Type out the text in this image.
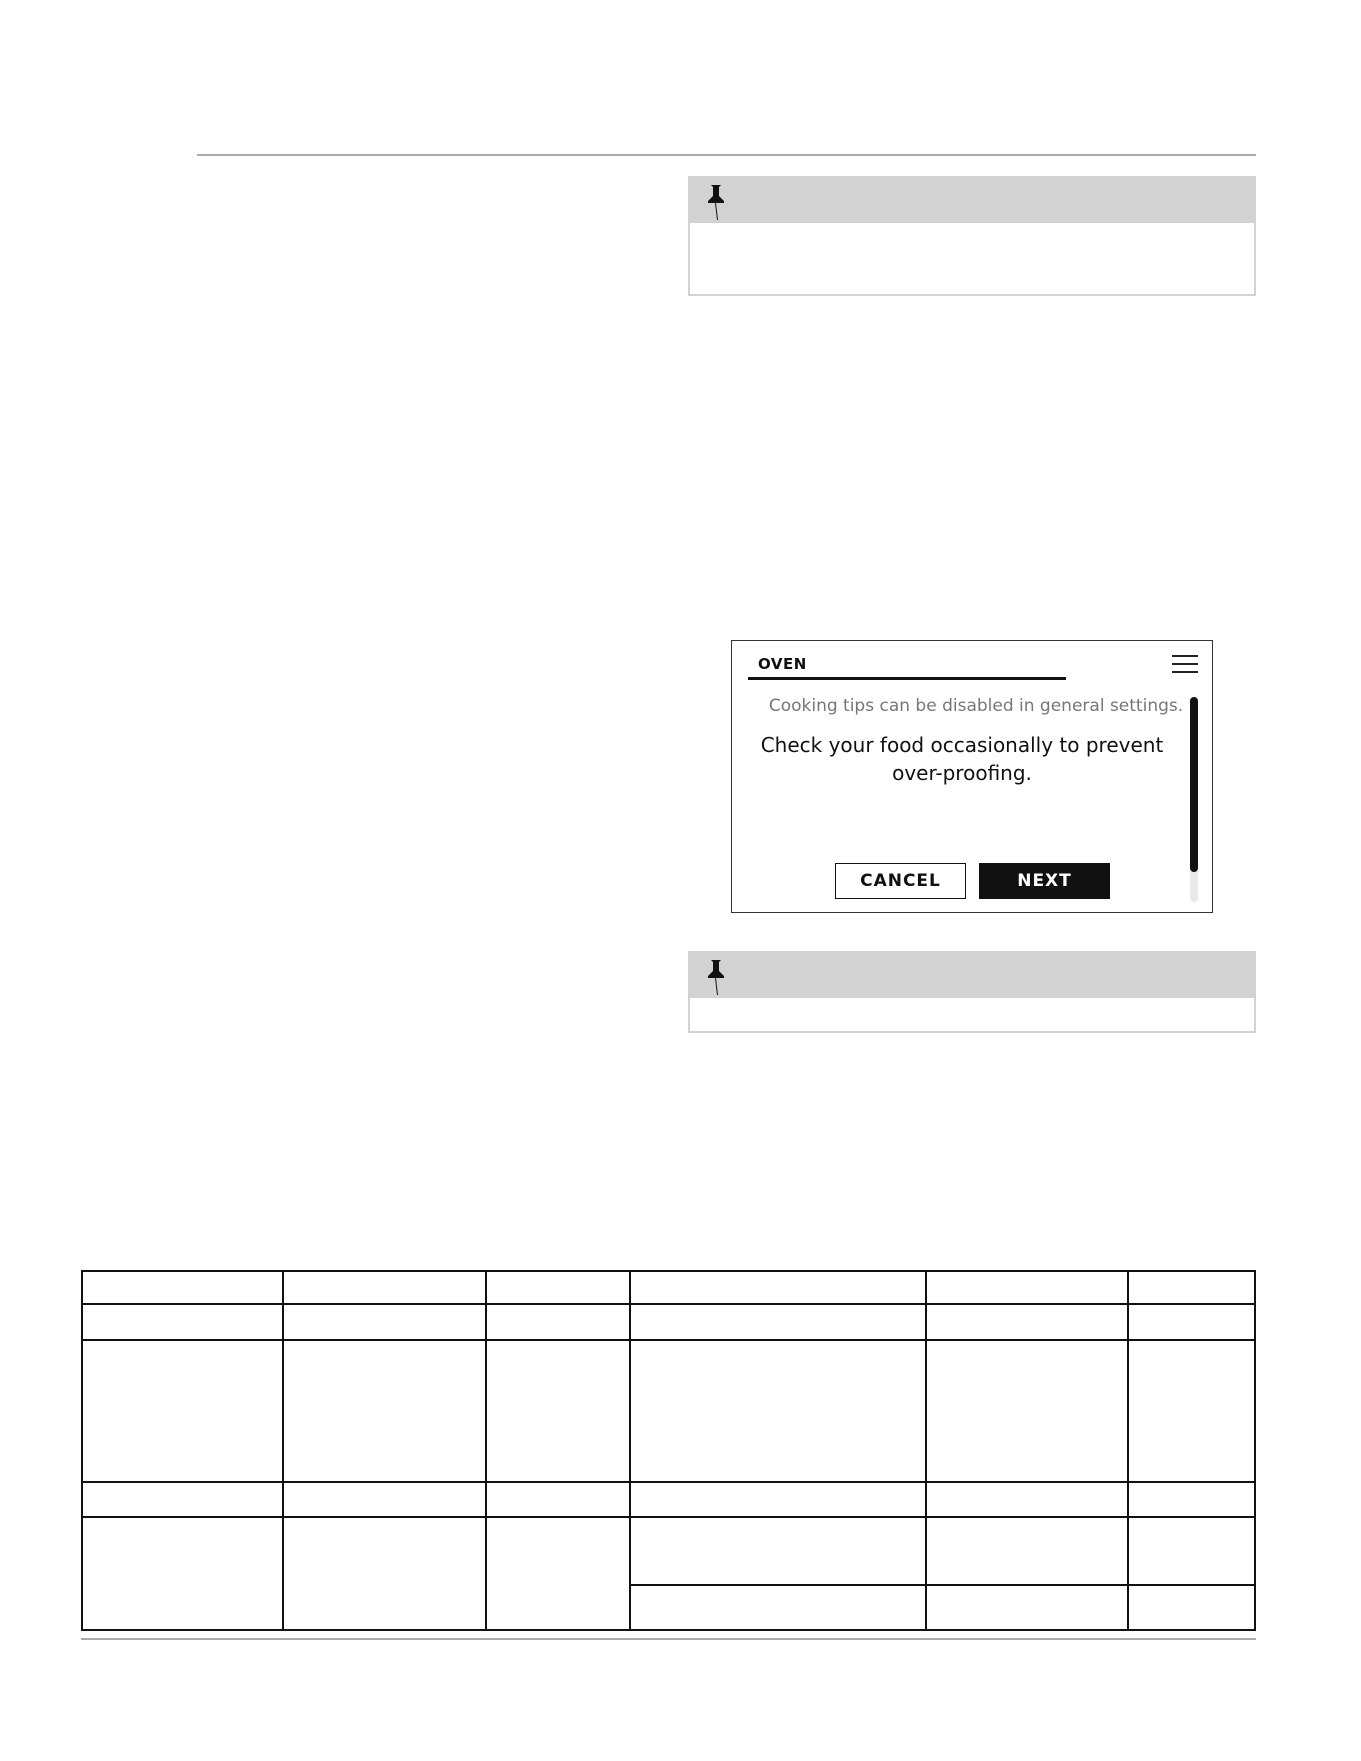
OVEN
Cooking tips can be disabled in general settings.
Check your food occasionally to prevent over-proofing.
CANCEL	NEXT
